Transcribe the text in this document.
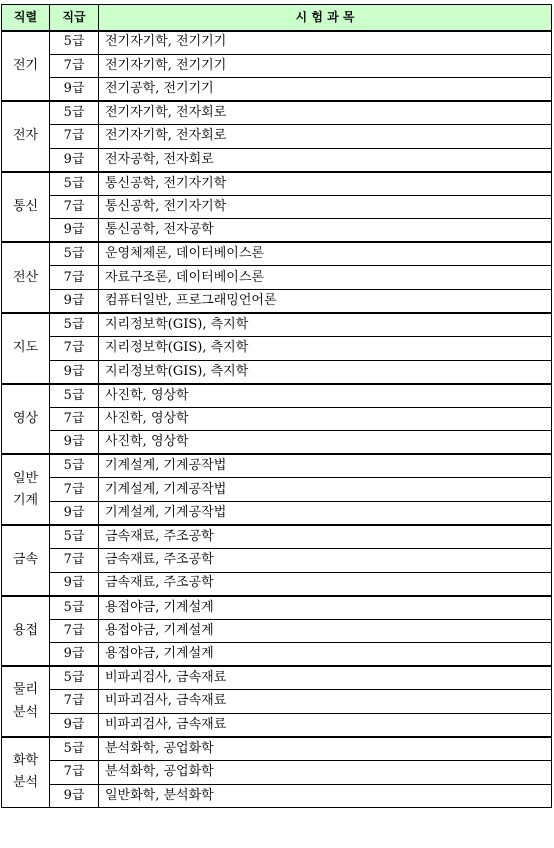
직렬	직급	시 험 과 목

전기	5급	전기자기학, 전기기기
	7급	전기자기학, 전기기기
	9급	전기공학, 전기기기

전자	5급	전기자기학, 전자회로
	7급	전기자기학, 전자회로
	9급	전자공학, 전자회로

통신	5급	통신공학, 전기자기학
	7급	통신공학, 전기자기학
	9급	통신공학, 전자공학

전산	5급	운영체제론, 데이터베이스론
	7급	자료구조론, 데이터베이스론
	9급	컴퓨터일반, 프로그래밍언어론

지도	5급	지리정보학(GIS), 측지학
	7급	지리정보학(GIS), 측지학
	9급	지리정보학(GIS), 측지학

영상	5급	사진학, 영상학
	7급	사진학, 영상학
	9급	사진학, 영상학

일반
기계	5급	기계설계, 기계공작법
	7급	기계설계, 기계공작법
	9급	기계설계, 기계공작법

금속	5급	금속재료, 주조공학
	7급	금속재료, 주조공학
	9급	금속재료, 주조공학

용접	5급	용접야금, 기계설계
	7급	용접야금, 기계설계
	9급	용접야금, 기계설계

물리
분석	5급	비파괴검사, 금속재료
	7급	비파괴검사, 금속재료
	9급	비파괴검사, 금속재료

화학
분석	5급	분석화학, 공업화학
	7급	분석화학, 공업화학
	9급	일반화학, 분석화학
